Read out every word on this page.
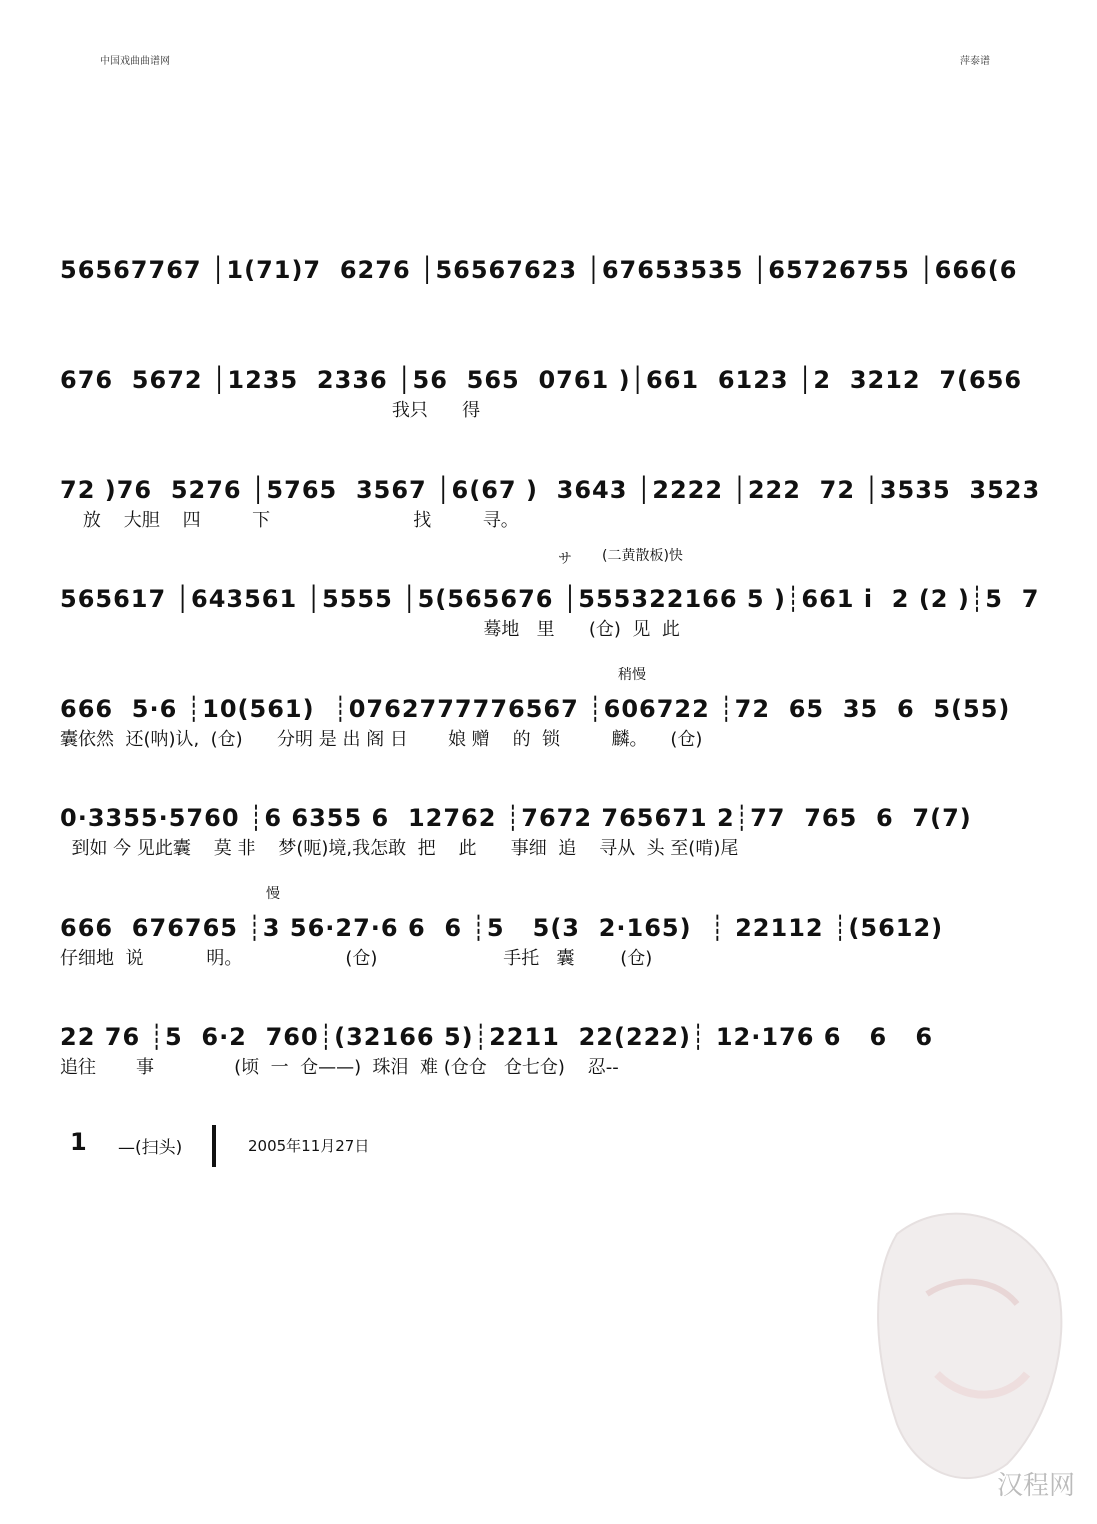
中国戏曲曲谱网	萍泰谱
56567767 │1(71)7  6276 │56567623 │67653535 │65726755 │666(6
676  5672 │1235  2336 │56  565  0761 )│661  6123 │2  3212  7(656
我只      得
72 )76  5276 │5765  3567 │6(67 )  3643 │2222 │222  72 │3535  3523
放    大胆    四         下                         找         寻。
サ (二黄散板)快
565617 │643561 │5555 │5(565676 │555322166 5 )┊661 i  2 (2 )┊5  7
蓦地   里      (仓)  见  此
稍慢
666  5·6 ┊10(561)  ┊0762777776567 ┊606722 ┊72  65  35  6  5(55)
囊依然  还(呐)认,  (仓)      分明 是 出 阁 日       娘 赠    的  锁         麟。    (仓)
0·3355·5760 ┊6 6355 6  12762 ┊7672 765671 2┊77  765  6  7(7)
到如 今 见此囊    莫 非    梦(呃)境,我怎敢  把    此      事细  追    寻从  头 至(啃)尾
慢
666  676765 ┊3 56·27·6 6  6 ┊5   5(3  2·165)  ┊ 22112 ┊(5612)
仔细地  说           明。                  (仓)                      手托   囊        (仓)
22 76 ┊5  6·2  760┊(32166 5)┊2211  22(222)┊ 12·176 6   6   6
追往       事              (顷  一  仓——)  珠泪  难 (仓仓   仓七仓)    忍--
1 —(扫头)	2005年11月27日
汉程网
